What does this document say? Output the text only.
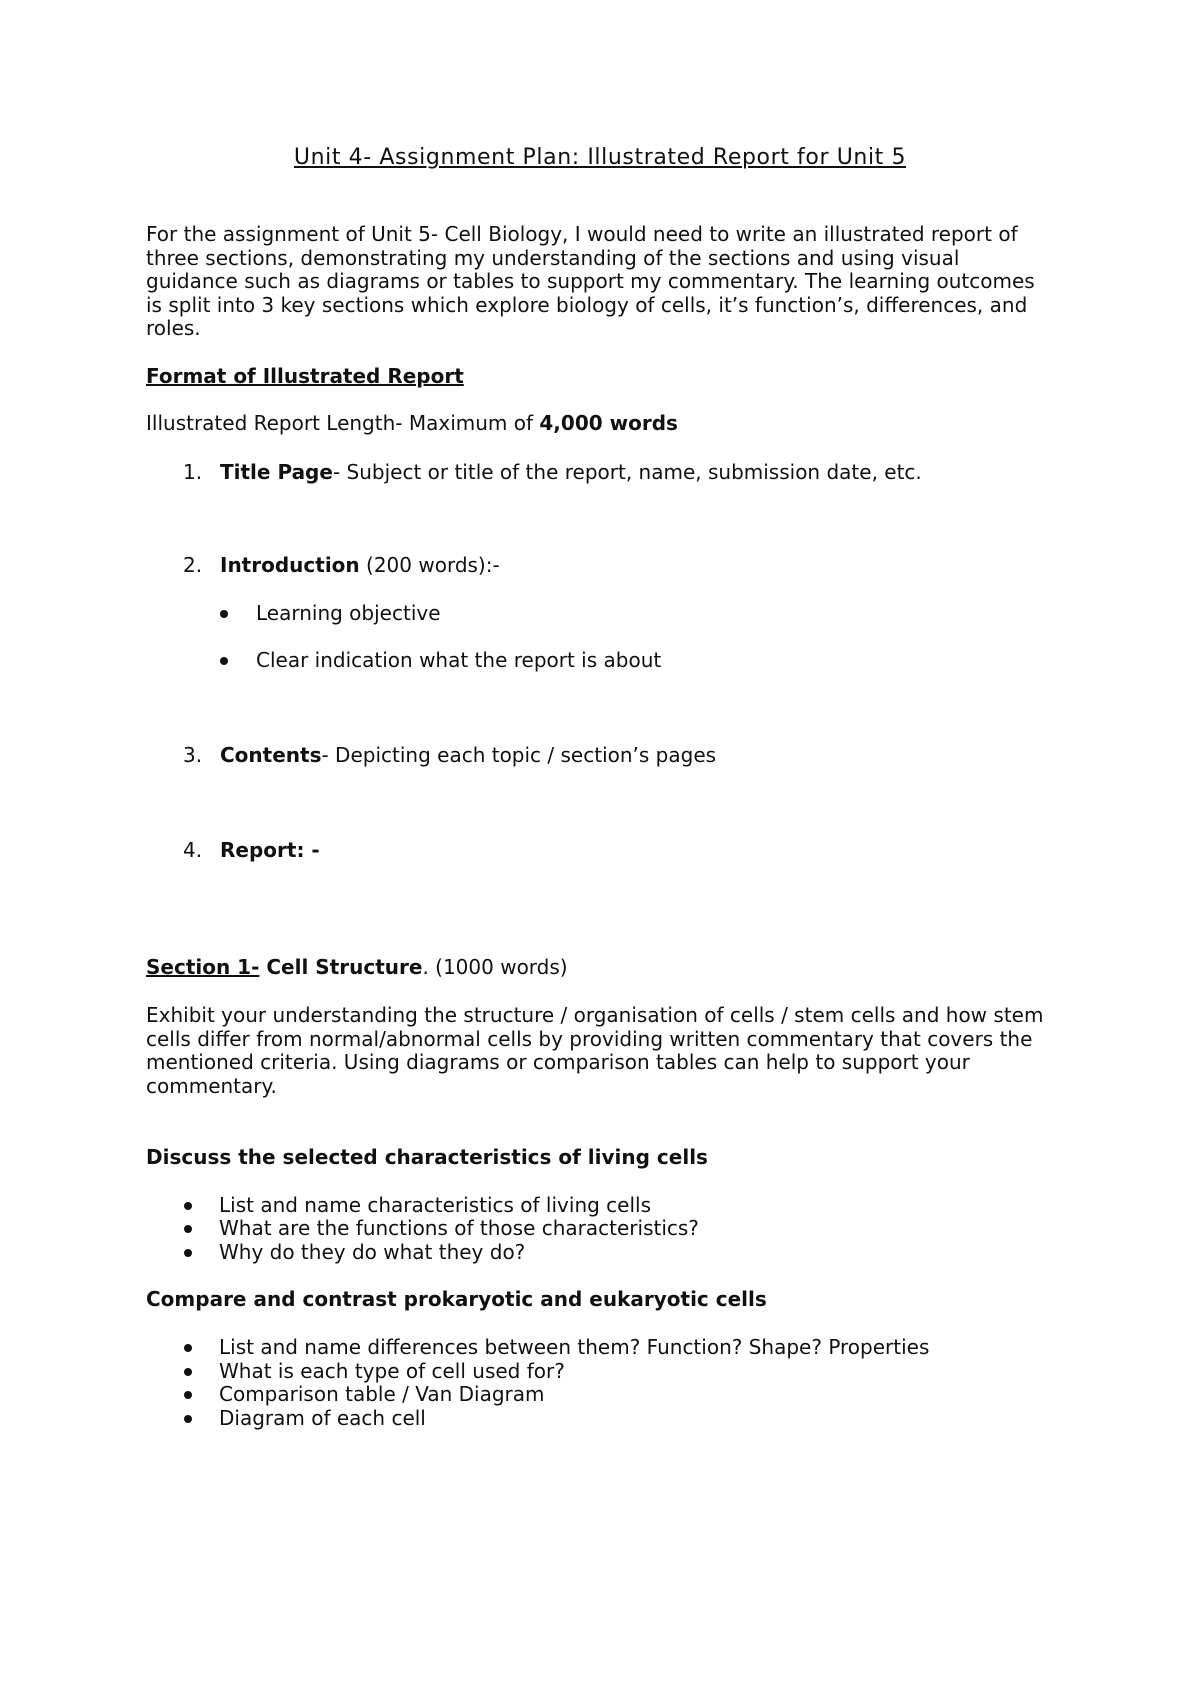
Unit 4- Assignment Plan: Illustrated Report for Unit 5
For the assignment of Unit 5- Cell Biology, I would need to write an illustrated report of
three sections, demonstrating my understanding of the sections and using visual
guidance such as diagrams or tables to support my commentary. The learning outcomes
is split into 3 key sections which explore biology of cells, it’s function’s, differences, and
roles.
Format of Illustrated Report
Illustrated Report Length- Maximum of 4,000 words
1. Title Page- Subject or title of the report, name, submission date, etc.
2. Introduction (200 words):-
Learning objective
Clear indication what the report is about
3. Contents- Depicting each topic / section’s pages
4. Report: -
Section 1- Cell Structure. (1000 words)
Exhibit your understanding the structure / organisation of cells / stem cells and how stem
cells differ from normal/abnormal cells by providing written commentary that covers the
mentioned criteria. Using diagrams or comparison tables can help to support your
commentary.
Discuss the selected characteristics of living cells
List and name characteristics of living cells
What are the functions of those characteristics?
Why do they do what they do?
Compare and contrast prokaryotic and eukaryotic cells
List and name differences between them? Function? Shape? Properties
What is each type of cell used for?
Comparison table / Van Diagram
Diagram of each cell
